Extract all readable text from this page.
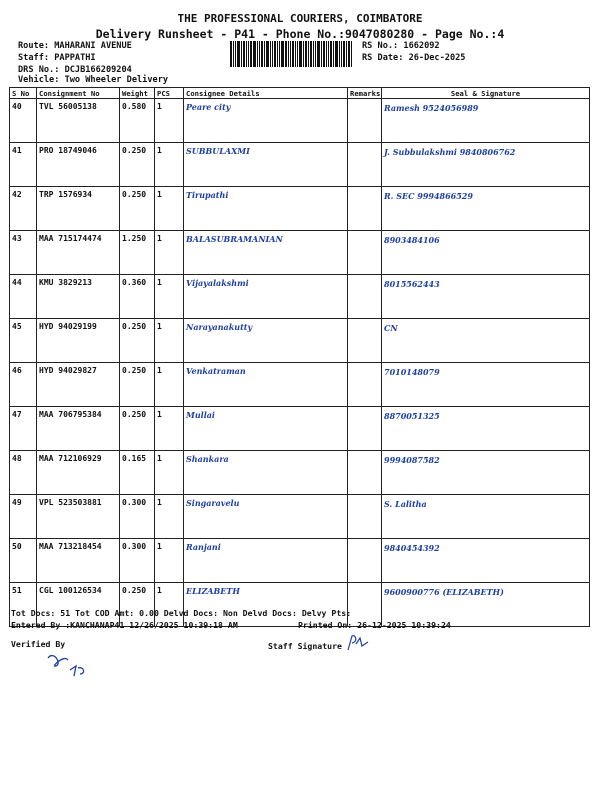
THE PROFESSIONAL COURIERS, COIMBATORE
Delivery Runsheet - P41 - Phone No.:9047080280 - Page No.:4
Route: MAHARANI AVENUE
Staff: PAPPATHI
DRS No.: DCJB166209204
Vehicle: Two Wheeler Delivery
RS No.: 1662092
RS Date: 26-Dec-2025
S No	Consignment No	Weight	PCS	Consignee Details	Remarks	Seal & Signature
40	TVL 56005138	0.580	1	Peare city		Ramesh 9524056989
41	PRO 18749046	0.250	1	SUBBULAXMI		J. Subbulakshmi 9840806762
42	TRP 1576934	0.250	1	Tirupathi		R. SEC 9994866529
43	MAA 715174474	1.250	1	BALASUBRAMANIAN		8903484106
44	KMU 3829213	0.360	1	Vijayalakshmi		8015562443
45	HYD 94029199	0.250	1	Narayanakutty		CN
46	HYD 94029827	0.250	1	Venkatraman		7010148079
47	MAA 706795384	0.250	1	Mullai		8870051325
48	MAA 712106929	0.165	1	Shankara		9994087582
49	VPL 523503881	0.300	1	Singaravelu		S. Lalitha
50	MAA 713218454	0.300	1	Ranjani		9840454392
51	CGL 100126534	0.250	1	ELIZABETH		9600900776 (ELIZABETH)
Tot Docs: 51 Tot COD Amt: 0.00 Delvd Docs: Non Delvd Docs: Delvy Pts:
Entered By :KANCHANAP41 12/26/2025 10:39:18 AM	Printed On: 26-12-2025 10:39:24
Verified By	Staff Signature
